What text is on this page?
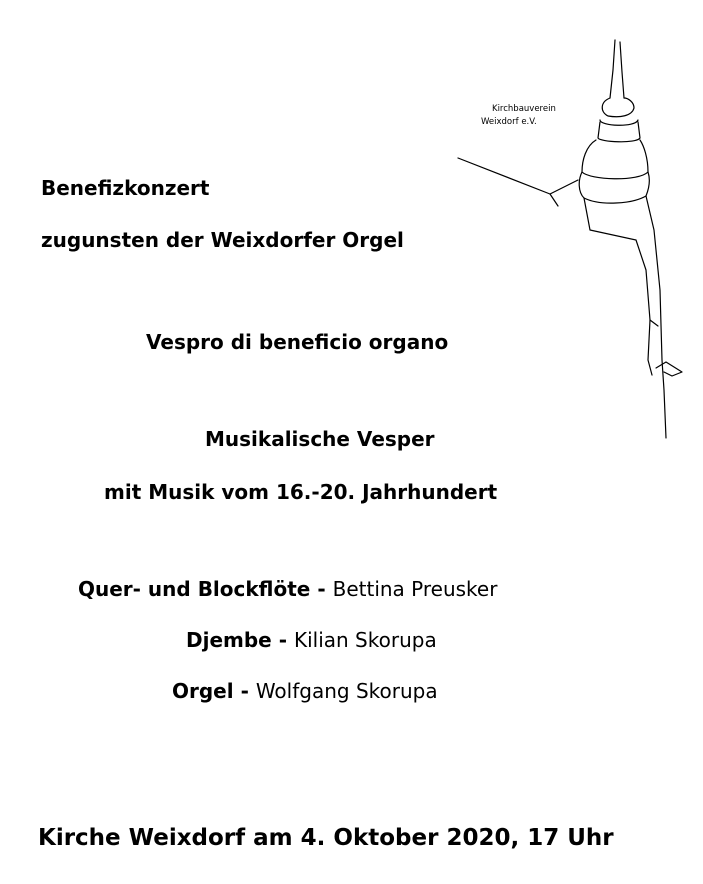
Kirchbauverein
Weixdorf e.V.
Benefizkonzert
zugunsten der Weixdorfer Orgel
Vespro di beneficio organo
Musikalische Vesper
mit Musik vom 16.-20. Jahrhundert
Quer- und Blockflöte - Bettina Preusker
Djembe - Kilian Skorupa
Orgel - Wolfgang Skorupa
Kirche Weixdorf am 4. Oktober 2020, 17 Uhr
